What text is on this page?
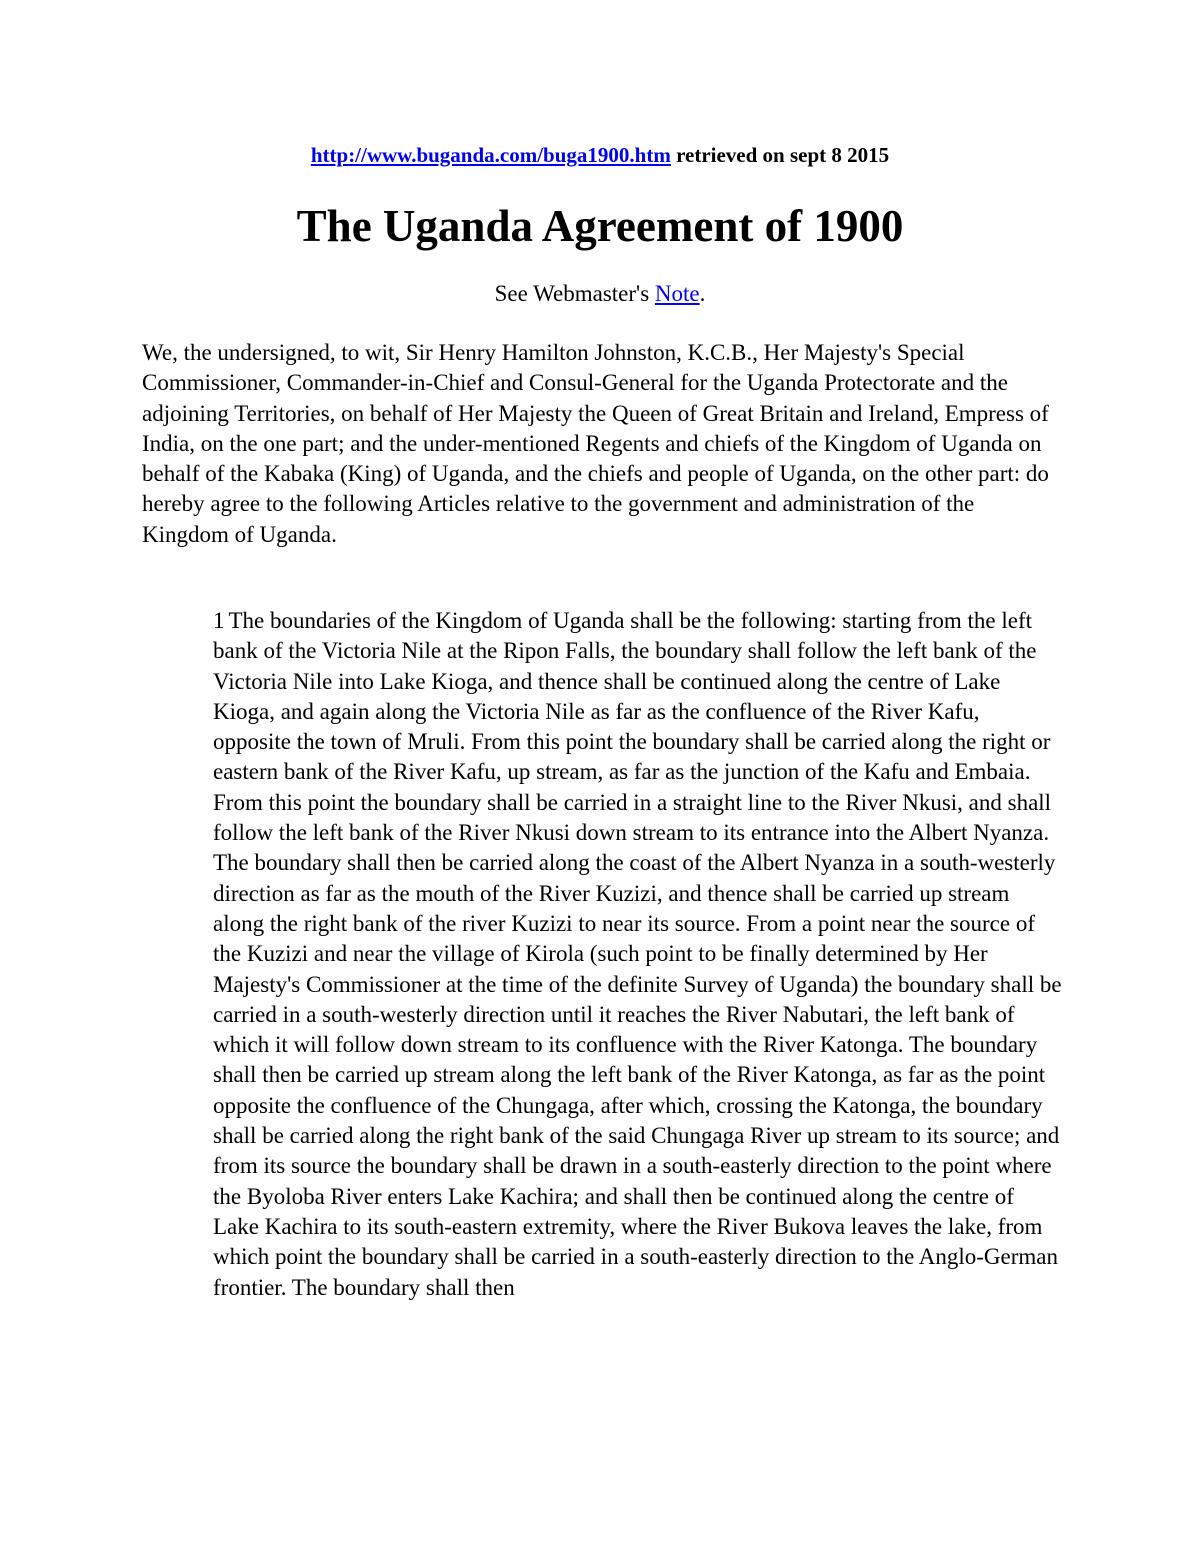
http://www.buganda.com/buga1900.htm retrieved on sept 8 2015
The Uganda Agreement of 1900
See Webmaster's Note.

We, the undersigned, to wit, Sir Henry Hamilton Johnston, K.C.B., Her Majesty's Special Commissioner, Commander-in-Chief and Consul-General for the Uganda Protectorate and the adjoining Territories, on behalf of Her Majesty the Queen of Great Britain and Ireland, Empress of India, on the one part; and the under-mentioned Regents and chiefs of the Kingdom of Uganda on behalf of the Kabaka (King) of Uganda, and the chiefs and people of Uganda, on the other part: do hereby agree to the following Articles relative to the government and administration of the Kingdom of Uganda.

1 The boundaries of the Kingdom of Uganda shall be the following: starting from the left bank of the Victoria Nile at the Ripon Falls, the boundary shall follow the left bank of the Victoria Nile into Lake Kioga, and thence shall be continued along the centre of Lake Kioga, and again along the Victoria Nile as far as the confluence of the River Kafu, opposite the town of Mruli. From this point the boundary shall be carried along the right or eastern bank of the River Kafu, up stream, as far as the junction of the Kafu and Embaia. From this point the boundary shall be carried in a straight line to the River Nkusi, and shall follow the left bank of the River Nkusi down stream to its entrance into the Albert Nyanza. The boundary shall then be carried along the coast of the Albert Nyanza in a south-westerly direction as far as the mouth of the River Kuzizi, and thence shall be carried up stream along the right bank of the river Kuzizi to near its source. From a point near the source of the Kuzizi and near the village of Kirola (such point to be finally determined by Her Majesty's Commissioner at the time of the definite Survey of Uganda) the boundary shall be carried in a south-westerly direction until it reaches the River Nabutari, the left bank of which it will follow down stream to its confluence with the River Katonga. The boundary shall then be carried up stream along the left bank of the River Katonga, as far as the point opposite the confluence of the Chungaga, after which, crossing the Katonga, the boundary shall be carried along the right bank of the said Chungaga River up stream to its source; and from its source the boundary shall be drawn in a south-easterly direction to the point where the Byoloba River enters Lake Kachira; and shall then be continued along the centre of Lake Kachira to its south-eastern extremity, where the River Bukova leaves the lake, from which point the boundary shall be carried in a south-easterly direction to the Anglo-German frontier. The boundary shall then
